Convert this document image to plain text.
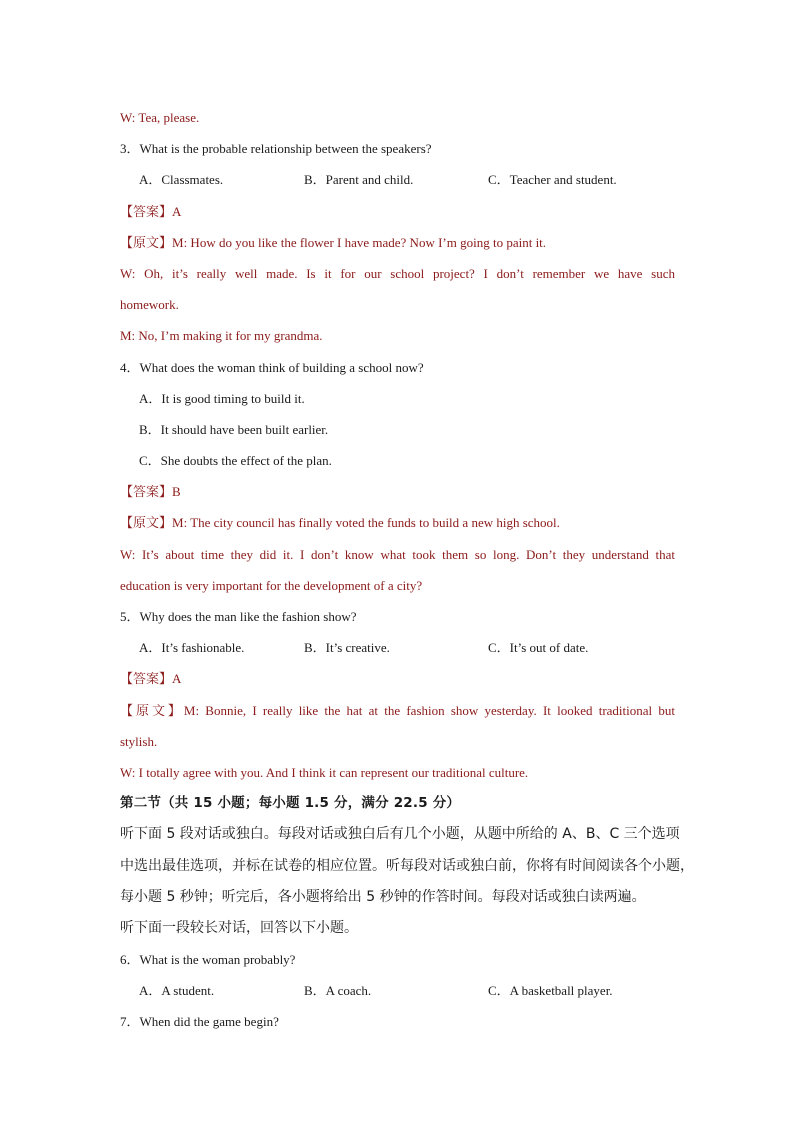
W: Tea, please.
3．What is the probable relationship between the speakers?
A．Classmates.	B．Parent and child.	C．Teacher and student.
【答案】A
【原文】M: How do you like the flower I have made? Now I’m going to paint it.
W: Oh, it’s really well made. Is it for our school project? I don’t remember we have such
homework.
M: No, I’m making it for my grandma.
4．What does the woman think of building a school now?
A．It is good timing to build it.
B．It should have been built earlier.
C．She doubts the effect of the plan.
【答案】B
【原文】M: The city council has finally voted the funds to build a new high school.
W: It’s about time they did it. I don’t know what took them so long. Don’t they understand that
education is very important for the development of a city?
5．Why does the man like the fashion show?
A．It’s fashionable.	B．It’s creative.	C．It’s out of date.
【答案】A
【原文】M: Bonnie, I really like the hat at the fashion show yesterday. It looked traditional but
stylish.
W: I totally agree with you. And I think it can represent our traditional culture.
第二节（共 15 小题；每小题 1.5 分，满分 22.5 分）
听下面 5 段对话或独白。每段对话或独白后有几个小题，从题中所给的 A、B、C 三个选项
中选出最佳选项，并标在试卷的相应位置。听每段对话或独白前，你将有时间阅读各个小题，
每小题 5 秒钟；听完后，各小题将给出 5 秒钟的作答时间。每段对话或独白读两遍。
听下面一段较长对话，回答以下小题。
6．What is the woman probably?
A．A student.	B．A coach.	C．A basketball player.
7．When did the game begin?
